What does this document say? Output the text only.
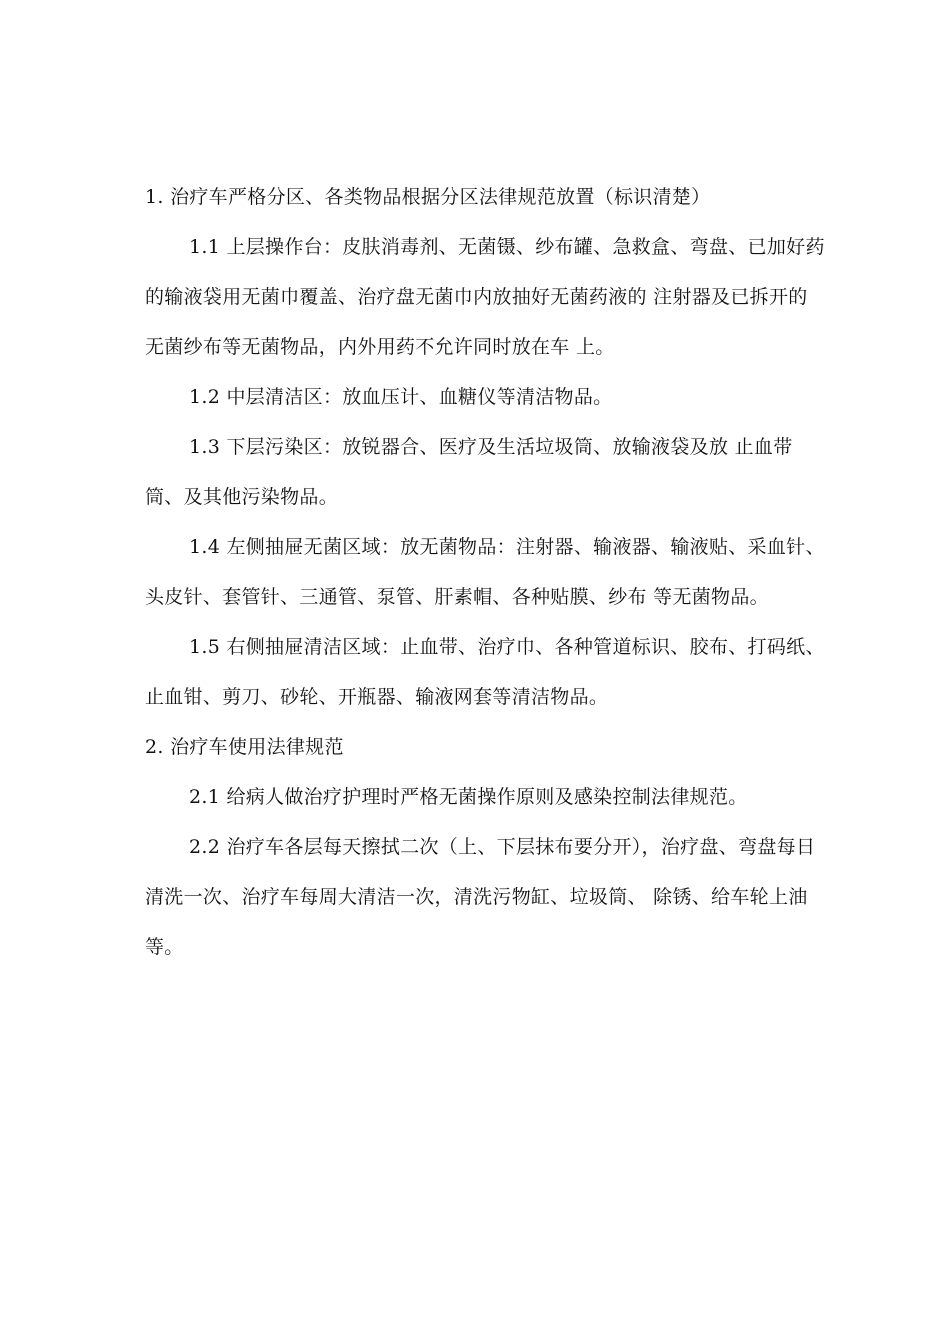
1. 治疗车严格分区、各类物品根据分区法律规范放置（标识清楚）

1.1 上层操作台：皮肤消毒剂、无菌镊、纱布罐、急救盒、弯盘、已加好药的输液袋用无菌巾覆盖、治疗盘无菌巾内放抽好无菌药液的 注射器及已拆开的无菌纱布等无菌物品，内外用药不允许同时放在车 上。

1.2 中层清洁区：放血压计、血糖仪等清洁物品。

1.3 下层污染区：放锐器合、医疗及生活垃圾筒、放输液袋及放 止血带筒、及其他污染物品。

1.4 左侧抽屉无菌区域：放无菌物品：注射器、输液器、输液贴、采血针、头皮针、套管针、三通管、泵管、肝素帽、各种贴膜、纱布 等无菌物品。

1.5 右侧抽屉清洁区域：止血带、治疗巾、各种管道标识、胶布、打码纸、止血钳、剪刀、砂轮、开瓶器、输液网套等清洁物品。

2. 治疗车使用法律规范

2.1 给病人做治疗护理时严格无菌操作原则及感染控制法律规范。

2.2 治疗车各层每天擦拭二次（上、下层抹布要分开），治疗盘、弯盘每日清洗一次、治疗车每周大清洁一次，清洗污物缸、垃圾筒、 除锈、给车轮上油等。
